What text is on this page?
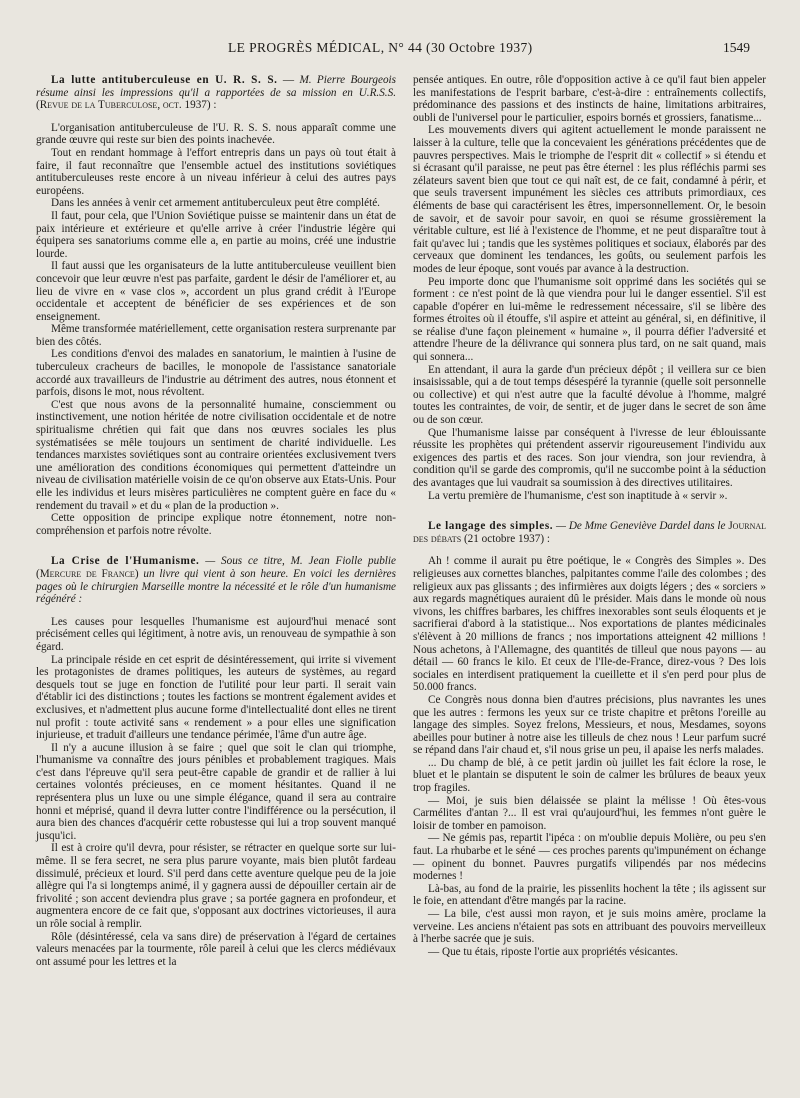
LE PROGRÈS MÉDICAL, N° 44 (30 Octobre 1937)	1549

La lutte antituberculeuse en U. R. S. S. — M. Pierre Bourgeois résume ainsi les impressions qu'il a rapportées de sa mission en U.R.S.S. (Revue de la Tuberculose, oct. 1937) :

L'organisation antituberculeuse de l'U. R. S. S. nous apparaît comme une grande œuvre qui reste sur bien des points inachevée.

Tout en rendant hommage à l'effort entrepris dans un pays où tout était à faire, il faut reconnaître que l'ensemble actuel des institutions soviétiques antituberculeuses reste encore à un niveau inférieur à celui des autres pays européens.

Dans les années à venir cet armement antituberculeux peut être complété.

Il faut, pour cela, que l'Union Soviétique puisse se maintenir dans un état de paix intérieure et extérieure et qu'elle arrive à créer l'industrie légère qui équipera ses sanatoriums comme elle a, en partie au moins, créé une industrie lourde.

Il faut aussi que les organisateurs de la lutte antituberculeuse veuillent bien concevoir que leur œuvre n'est pas parfaite, gardent le désir de l'améliorer et, au lieu de vivre en « vase clos », accordent un plus grand crédit à l'Europe occidentale et acceptent de bénéficier de ses expériences et de son enseignement.

Même transformée matériellement, cette organisation restera surprenante par bien des côtés.

Les conditions d'envoi des malades en sanatorium, le maintien à l'usine de tuberculeux cracheurs de bacilles, le monopole de l'assistance sanatoriale accordé aux travailleurs de l'industrie au détriment des autres, nous étonnent et parfois, disons le mot, nous révoltent.

C'est que nous avons de la personnalité humaine, consciemment ou instinctivement, une notion héritée de notre civilisation occidentale et de notre spiritualisme chrétien qui fait que dans nos œuvres sociales les plus systématisées se mêle toujours un sentiment de charité individuelle. Les tendances marxistes soviétiques sont au contraire orientées exclusivement tvers une amélioration des conditions économiques qui permettent d'atteindre un niveau de civilisation matérielle voisin de ce qu'on observe aux Etats-Unis. Pour elle les individus et leurs misères particulières ne comptent guère en face du « rendement du travail » et du « plan de la production ».

Cette opposition de principe explique notre étonnement, notre non-compréhension et parfois notre révolte.

La Crise de l'Humanisme. — Sous ce titre, M. Jean Fiolle publie (Mercure de France) un livre qui vient à son heure. En voici les dernières pages où le chirurgien Marseille montre la nécessité et le rôle d'un humanisme régénéré :

Les causes pour lesquelles l'humanisme est aujourd'hui menacé sont précisément celles qui légitiment, à notre avis, un renouveau de sympathie à son égard.

La principale réside en cet esprit de désintéressement, qui irrite si vivement les protagonistes de drames politiques, les auteurs de systèmes, au regard desquels tout se juge en fonction de l'utilité pour leur parti. Il serait vain d'établir ici des distinctions ; toutes les factions se montrent également avides et exclusives, et n'admettent plus aucune forme d'intellectualité dont elles ne tirent nul profit : toute activité sans « rendement » a pour elles une signification injurieuse, et traduit d'ailleurs une tendance périmée, l'âme d'un autre âge.

Il n'y a aucune illusion à se faire ; quel que soit le clan qui triomphe, l'humanisme va connaître des jours pénibles et probablement tragiques. Mais c'est dans l'épreuve qu'il sera peut-être capable de grandir et de rallier à lui certaines volontés précieuses, en ce moment hésitantes. Quand il ne représentera plus un luxe ou une simple élégance, quand il sera au contraire honni et méprisé, quand il devra lutter contre l'indifférence ou la persécution, il aura bien des chances d'acquérir cette robustesse qui lui a trop souvent manqué jusqu'ici.

Il est à croire qu'il devra, pour résister, se rétracter en quelque sorte sur lui-même. Il se fera secret, ne sera plus parure voyante, mais bien plutôt fardeau dissimulé, précieux et lourd. S'il perd dans cette aventure quelque peu de la joie allègre qui l'a si longtemps animé, il y gagnera aussi de dépouiller certain air de frivolité ; son accent deviendra plus grave ; sa portée gagnera en profondeur, et augmentera encore de ce fait que, s'opposant aux doctrines victorieuses, il aura un rôle social à remplir.

Rôle (désintéressé, cela va sans dire) de préservation à l'égard de certaines valeurs menacées par la tourmente, rôle pareil à celui que les clercs médiévaux ont assumé pour les lettres et la

pensée antiques. En outre, rôle d'opposition active à ce qu'il faut bien appeler les manifestations de l'esprit barbare, c'est-à-dire : entraînements collectifs, prédominance des passions et des instincts de haine, limitations arbitraires, oubli de l'universel pour le particulier, espoirs bornés et grossiers, fanatisme...

Les mouvements divers qui agitent actuellement le monde paraissent ne laisser à la culture, telle que la concevaient les générations précédentes que de pauvres perspectives. Mais le triomphe de l'esprit dit « collectif » si étendu et si écrasant qu'il paraisse, ne peut pas être éternel : les plus réfléchis parmi ses zélateurs savent bien que tout ce qui naît est, de ce fait, condamné à périr, et que seuls traversent impunément les siècles ces attributs primordiaux, ces éléments de base qui caractérisent les êtres, impersonnellement. Or, le besoin de savoir, et de savoir pour savoir, en quoi se résume grossièrement la véritable culture, est lié à l'existence de l'homme, et ne peut disparaître tout à fait qu'avec lui ; tandis que les systèmes politiques et sociaux, élaborés par des cerveaux que dominent les tendances, les goûts, ou seulement parfois les modes de leur époque, sont voués par avance à la destruction.

Peu importe donc que l'humanisme soit opprimé dans les sociétés qui se forment : ce n'est point de là que viendra pour lui le danger essentiel. S'il est capable d'opérer en lui-même le redressement nécessaire, s'il se libère des formes étroites où il étouffe, s'il aspire et atteint au général, si, en définitive, il se réalise d'une façon pleinement « humaine », il pourra défier l'adversité et attendre l'heure de la délivrance qui sonnera plus tard, on ne sait quand, mais qui sonnera...

En attendant, il aura la garde d'un précieux dépôt ; il veillera sur ce bien insaisissable, qui a de tout temps désespéré la tyrannie (quelle soit personnelle ou collective) et qui n'est autre que la faculté dévolue à l'homme, malgré toutes les contraintes, de voir, de sentir, et de juger dans le secret de son âme ou de son cœur.

Que l'humanisme laisse par conséquent à l'ivresse de leur éblouissante réussite les prophètes qui prétendent asservir rigoureusement l'individu aux exigences des partis et des races. Son jour viendra, son jour reviendra, à condition qu'il se garde des compromis, qu'il ne succombe point à la séduction des avantages que lui vaudrait sa soumission à des directives utilitaires.

La vertu première de l'humanisme, c'est son inaptitude à « servir ».

Le langage des simples. — De Mme Geneviève Dardel dans le Journal des débats (21 octobre 1937) :

Ah ! comme il aurait pu être poétique, le « Congrès des Simples ». Des religieuses aux cornettes blanches, palpitantes comme l'aile des colombes ; des religieux aux pas glissants ; des infirmières aux doigts légers ; des « sorciers » aux regards magnétiques auraient dû le présider. Mais dans le monde où nous vivons, les chiffres barbares, les chiffres inexorables sont seuls éloquents et je sacrifierai d'abord à la statistique... Nos exportations de plantes médicinales s'élèvent à 20 millions de francs ; nos importations atteignent 42 millions ! Nous achetons, à l'Allemagne, des quantités de tilleul que nous payons — au détail — 60 francs le kilo. Et ceux de l'Ile-de-France, direz-vous ? Des lois sociales en interdisent pratiquement la cueillette et il s'en perd pour plus de 50.000 francs.

Ce Congrès nous donna bien d'autres précisions, plus navrantes les unes que les autres : fermons les yeux sur ce triste chapitre et prêtons l'oreille au langage des simples. Soyez frelons, Messieurs, et nous, Mesdames, soyons abeilles pour butiner à notre aise les tilleuls de chez nous ! Leur parfum sucré se répand dans l'air chaud et, s'il nous grise un peu, il apaise les nerfs malades.

... Du champ de blé, à ce petit jardin où juillet les fait éclore la rose, le bluet et le plantain se disputent le soin de calmer les brûlures de beaux yeux trop fragiles.

— Moi, je suis bien délaissée se plaint la mélisse ! Où êtes-vous Carmélites d'antan ?... Il est vrai qu'aujourd'hui, les femmes n'ont guère le loisir de tomber en pamoison.

— Ne gémis pas, repartit l'ipéca : on m'oublie depuis Molière, ou peu s'en faut. La rhubarbe et le séné — ces proches parents qu'impunément on échange — opinent du bonnet. Pauvres purgatifs vilipendés par nos médecins modernes !

Là-bas, au fond de la prairie, les pissenlits hochent la tête ; ils agissent sur le foie, en attendant d'être mangés par la racine.

— La bile, c'est aussi mon rayon, et je suis moins amère, proclame la verveine. Les anciens n'étaient pas sots en attribuant des pouvoirs merveilleux à l'herbe sacrée que je suis.

— Que tu étais, riposte l'ortie aux propriétés vésicantes.
